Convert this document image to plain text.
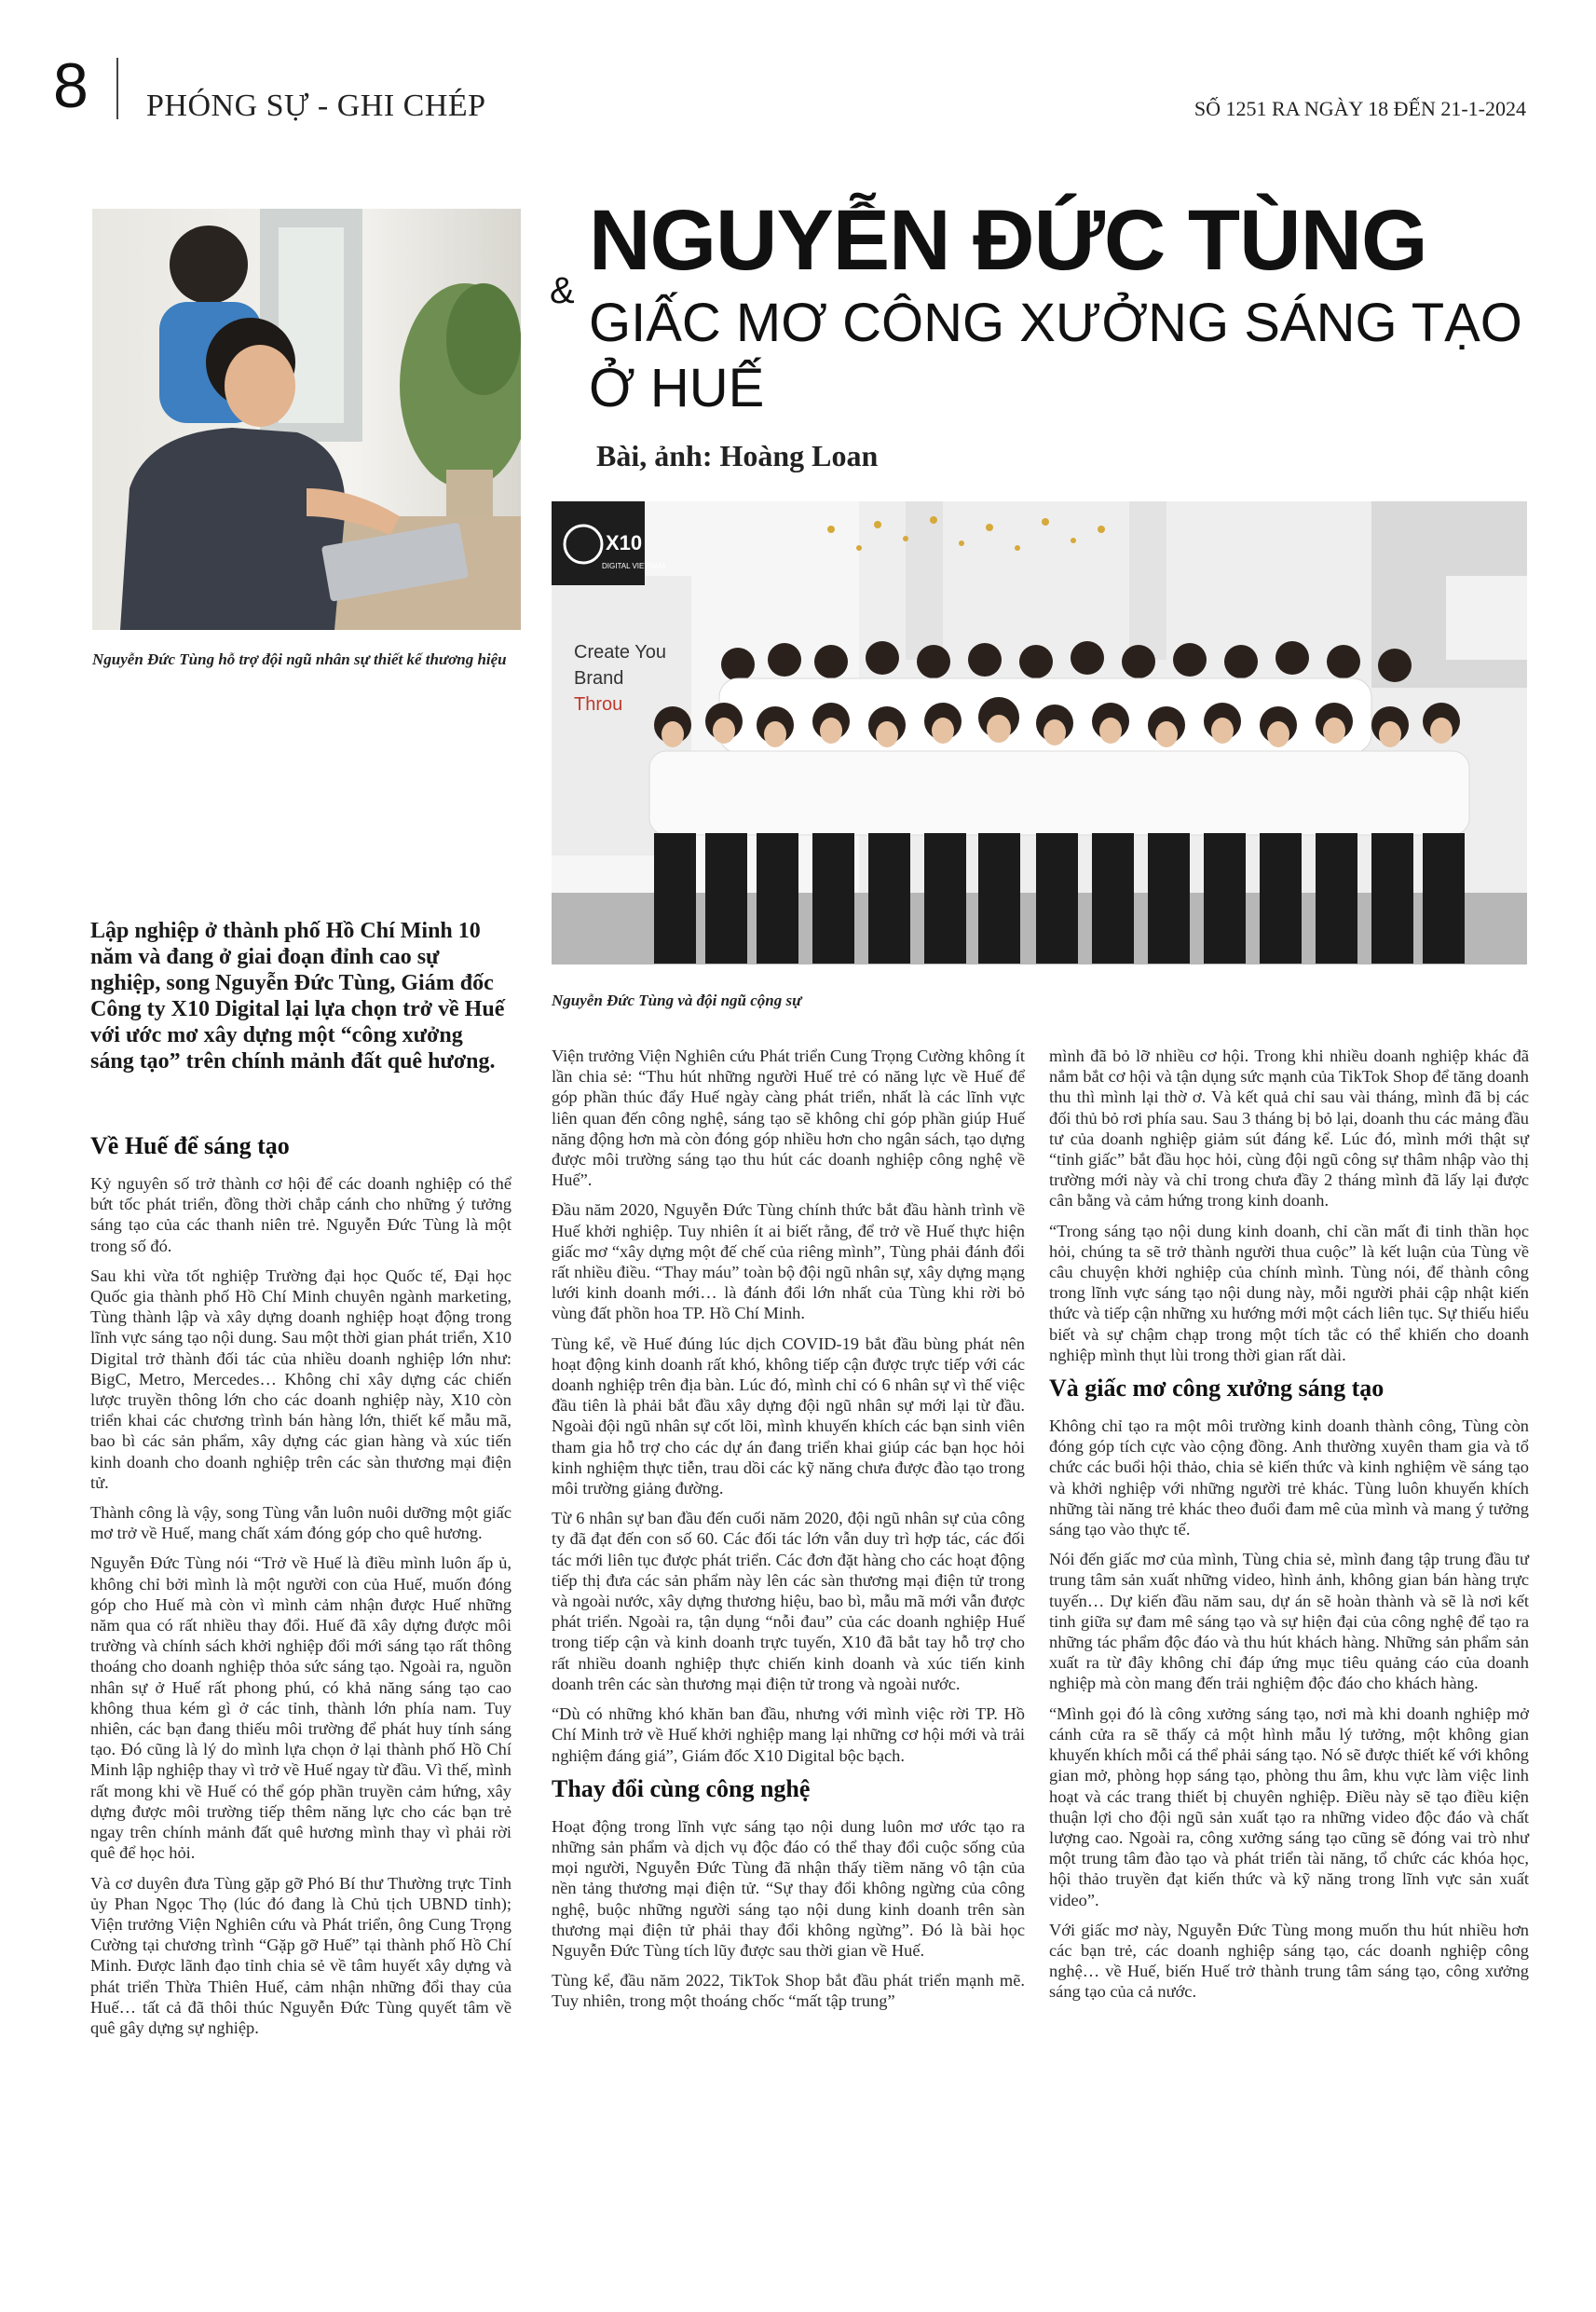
8 PHÓNG SỰ - GHI CHÉP	SỐ 1251 RA NGÀY 18 ĐẾN 21-1-2024
Nguyễn Đức Tùng hỗ trợ đội ngũ nhân sự thiết kế thương hiệu
&
NGUYỄN ĐỨC TÙNG
GIẤC MƠ CÔNG XƯỞNG SÁNG TẠO Ở HUẾ
Bài, ảnh: Hoàng Loan
X10
DIGITAL VIETNAM
Create You
Brand
Throu
Nguyễn Đức Tùng và đội ngũ cộng sự
Lập nghiệp ở thành phố Hồ Chí Minh 10 năm và đang ở giai đoạn đỉnh cao sự nghiệp, song Nguyễn Đức Tùng, Giám đốc Công ty X10 Digital lại lựa chọn trở về Huế với ước mơ xây dựng một “công xưởng sáng tạo” trên chính mảnh đất quê hương.
Về Huế để sáng tạo

Kỷ nguyên số trở thành cơ hội để các doanh nghiệp có thể bứt tốc phát triển, đồng thời chắp cánh cho những ý tưởng sáng tạo của các thanh niên trẻ. Nguyễn Đức Tùng là một trong số đó.

Sau khi vừa tốt nghiệp Trường đại học Quốc tế, Đại học Quốc gia thành phố Hồ Chí Minh chuyên ngành marketing, Tùng thành lập và xây dựng doanh nghiệp hoạt động trong lĩnh vực sáng tạo nội dung. Sau một thời gian phát triển, X10 Digital trở thành đối tác của nhiều doanh nghiệp lớn như: BigC, Metro, Mercedes… Không chỉ xây dựng các chiến lược truyền thông lớn cho các doanh nghiệp này, X10 còn triển khai các chương trình bán hàng lớn, thiết kế mẫu mã, bao bì các sản phẩm, xây dựng các gian hàng và xúc tiến kinh doanh cho doanh nghiệp trên các sàn thương mại điện tử.

Thành công là vậy, song Tùng vẫn luôn nuôi dưỡng một giấc mơ trở về Huế, mang chất xám đóng góp cho quê hương.

Nguyễn Đức Tùng nói “Trở về Huế là điều mình luôn ấp ủ, không chỉ bởi mình là một người con của Huế, muốn đóng góp cho Huế mà còn vì mình cảm nhận được Huế những năm qua có rất nhiều thay đổi. Huế đã xây dựng được môi trường và chính sách khởi nghiệp đổi mới sáng tạo rất thông thoáng cho doanh nghiệp thỏa sức sáng tạo. Ngoài ra, nguồn nhân sự ở Huế rất phong phú, có khả năng sáng tạo cao không thua kém gì ở các tỉnh, thành lớn phía nam. Tuy nhiên, các bạn đang thiếu môi trường để phát huy tính sáng tạo. Đó cũng là lý do mình lựa chọn ở lại thành phố Hồ Chí Minh lập nghiệp thay vì trở về Huế ngay từ đầu. Vì thế, mình rất mong khi về Huế có thể góp phần truyền cảm hứng, xây dựng được môi trường tiếp thêm năng lực cho các bạn trẻ ngay trên chính mảnh đất quê hương mình thay vì phải rời quê để học hỏi.

Và cơ duyên đưa Tùng gặp gỡ Phó Bí thư Thường trực Tỉnh ủy Phan Ngọc Thọ (lúc đó đang là Chủ tịch UBND tỉnh); Viện trưởng Viện Nghiên cứu và Phát triển, ông Cung Trọng Cường tại chương trình “Gặp gỡ Huế” tại thành phố Hồ Chí Minh. Được lãnh đạo tỉnh chia sẻ về tâm huyết xây dựng và phát triển Thừa Thiên Huế, cảm nhận những đổi thay của Huế… tất cả đã thôi thúc Nguyễn Đức Tùng quyết tâm về quê gây dựng sự nghiệp.

Viện trưởng Viện Nghiên cứu Phát triển Cung Trọng Cường không ít lần chia sẻ: “Thu hút những người Huế trẻ có năng lực về Huế để góp phần thúc đẩy Huế ngày càng phát triển, nhất là các lĩnh vực liên quan đến công nghệ, sáng tạo sẽ không chỉ góp phần giúp Huế năng động hơn mà còn đóng góp nhiều hơn cho ngân sách, tạo dựng được môi trường sáng tạo thu hút các doanh nghiệp công nghệ về Huế”.

Đầu năm 2020, Nguyễn Đức Tùng chính thức bắt đầu hành trình về Huế khởi nghiệp. Tuy nhiên ít ai biết rằng, để trở về Huế thực hiện giấc mơ “xây dựng một đế chế của riêng mình”, Tùng phải đánh đổi rất nhiều điều. “Thay máu” toàn bộ đội ngũ nhân sự, xây dựng mạng lưới kinh doanh mới… là đánh đổi lớn nhất của Tùng khi rời bỏ vùng đất phồn hoa TP. Hồ Chí Minh.

Tùng kể, về Huế đúng lúc dịch COVID-19 bắt đầu bùng phát nên hoạt động kinh doanh rất khó, không tiếp cận được trực tiếp với các doanh nghiệp trên địa bàn. Lúc đó, mình chỉ có 6 nhân sự vì thế việc đầu tiên là phải bắt đầu xây dựng đội ngũ nhân sự mới lại từ đầu. Ngoài đội ngũ nhân sự cốt lõi, mình khuyến khích các bạn sinh viên tham gia hỗ trợ cho các dự án đang triển khai giúp các bạn học hỏi kinh nghiệm thực tiễn, trau dồi các kỹ năng chưa được đào tạo trong môi trường giảng đường.

Từ 6 nhân sự ban đầu đến cuối năm 2020, đội ngũ nhân sự của công ty đã đạt đến con số 60. Các đối tác lớn vẫn duy trì hợp tác, các đối tác mới liên tục được phát triển. Các đơn đặt hàng cho các hoạt động tiếp thị đưa các sản phẩm này lên các sàn thương mại điện tử trong và ngoài nước, xây dựng thương hiệu, bao bì, mẫu mã mới vẫn được phát triển. Ngoài ra, tận dụng “nỗi đau” của các doanh nghiệp Huế trong tiếp cận và kinh doanh trực tuyến, X10 đã bắt tay hỗ trợ cho rất nhiều doanh nghiệp thực chiến kinh doanh và xúc tiến kinh doanh trên các sàn thương mại điện tử trong và ngoài nước.

“Dù có những khó khăn ban đầu, nhưng với mình việc rời TP. Hồ Chí Minh trở về Huế khởi nghiệp mang lại những cơ hội mới và trải nghiệm đáng giá”, Giám đốc X10 Digital bộc bạch.

Thay đổi cùng công nghệ

Hoạt động trong lĩnh vực sáng tạo nội dung luôn mơ ước tạo ra những sản phẩm và dịch vụ độc đáo có thể thay đổi cuộc sống của mọi người, Nguyễn Đức Tùng đã nhận thấy tiềm năng vô tận của nền tảng thương mại điện tử. “Sự thay đổi không ngừng của công nghệ, buộc những người sáng tạo nội dung kinh doanh trên sàn thương mại điện tử phải thay đổi không ngừng”. Đó là bài học Nguyễn Đức Tùng tích lũy được sau thời gian về Huế.

Tùng kể, đầu năm 2022, TikTok Shop bắt đầu phát triển mạnh mẽ. Tuy nhiên, trong một thoáng chốc “mất tập trung”

mình đã bỏ lỡ nhiều cơ hội. Trong khi nhiều doanh nghiệp khác đã nắm bắt cơ hội và tận dụng sức mạnh của TikTok Shop để tăng doanh thu thì mình lại thờ ơ. Và kết quả chỉ sau vài tháng, mình đã bị các đối thủ bỏ rơi phía sau. Sau 3 tháng bị bỏ lại, doanh thu các mảng đầu tư của doanh nghiệp giảm sút đáng kể. Lúc đó, mình mới thật sự “tỉnh giấc” bắt đầu học hỏi, cùng đội ngũ công sự thâm nhập vào thị trường mới này và chỉ trong chưa đầy 2 tháng mình đã lấy lại được cân bằng và cảm hứng trong kinh doanh.

“Trong sáng tạo nội dung kinh doanh, chỉ cần mất đi tinh thần học hỏi, chúng ta sẽ trở thành người thua cuộc” là kết luận của Tùng về câu chuyện khởi nghiệp của chính mình. Tùng nói, để thành công trong lĩnh vực sáng tạo nội dung này, mỗi người phải cập nhật kiến thức và tiếp cận những xu hướng mới một cách liên tục. Sự thiếu hiểu biết và sự chậm chạp trong một tích tắc có thể khiến cho doanh nghiệp mình thụt lùi trong thời gian rất dài.

Và giấc mơ công xưởng sáng tạo

Không chỉ tạo ra một môi trường kinh doanh thành công, Tùng còn đóng góp tích cực vào cộng đồng. Anh thường xuyên tham gia và tổ chức các buổi hội thảo, chia sẻ kiến thức và kinh nghiệm về sáng tạo và khởi nghiệp với những người trẻ khác. Tùng luôn khuyến khích những tài năng trẻ khác theo đuổi đam mê của mình và mang ý tưởng sáng tạo vào thực tế.

Nói đến giấc mơ của mình, Tùng chia sẻ, mình đang tập trung đầu tư trung tâm sản xuất những video, hình ảnh, không gian bán hàng trực tuyến… Dự kiến đầu năm sau, dự án sẽ hoàn thành và sẽ là nơi kết tinh giữa sự đam mê sáng tạo và sự hiện đại của công nghệ để tạo ra những tác phẩm độc đáo và thu hút khách hàng. Những sản phẩm sản xuất ra từ đây không chỉ đáp ứng mục tiêu quảng cáo của doanh nghiệp mà còn mang đến trải nghiệm độc đáo cho khách hàng.

“Mình gọi đó là công xưởng sáng tạo, nơi mà khi doanh nghiệp mở cánh cửa ra sẽ thấy cả một hình mẫu lý tưởng, một không gian khuyến khích mỗi cá thể phải sáng tạo. Nó sẽ được thiết kế với không gian mở, phòng họp sáng tạo, phòng thu âm, khu vực làm việc linh hoạt và các trang thiết bị chuyên nghiệp. Điều này sẽ tạo điều kiện thuận lợi cho đội ngũ sản xuất tạo ra những video độc đáo và chất lượng cao. Ngoài ra, công xưởng sáng tạo cũng sẽ đóng vai trò như một trung tâm đào tạo và phát triển tài năng, tổ chức các khóa học, hội thảo truyền đạt kiến thức và kỹ năng trong lĩnh vực sản xuất video”.

Với giấc mơ này, Nguyễn Đức Tùng mong muốn thu hút nhiều hơn các bạn trẻ, các doanh nghiệp sáng tạo, các doanh nghiệp công nghệ… về Huế, biến Huế trở thành trung tâm sáng tạo, công xưởng sáng tạo của cả nước.
